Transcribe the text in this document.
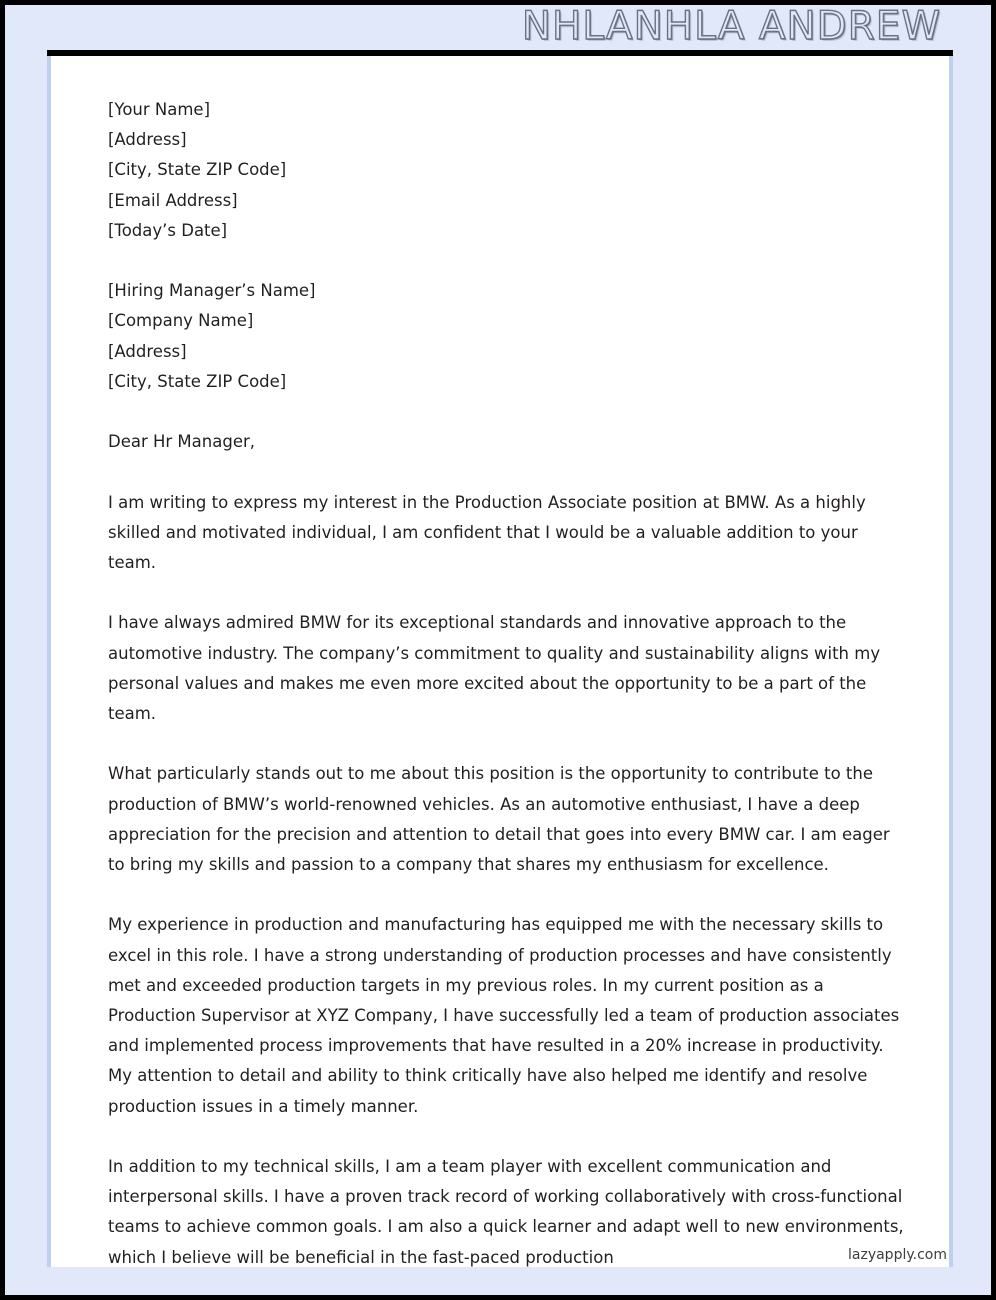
NHLANHLA ANDREW
[Your Name]
[Address]
[City, State ZIP Code]
[Email Address]
[Today’s Date]
[Hiring Manager’s Name]
[Company Name]
[Address]
[City, State ZIP Code]

Dear Hr Manager,

I am writing to express my interest in the Production Associate position at BMW. As a highly skilled and motivated individual, I am confident that I would be a valuable addition to your team.

I have always admired BMW for its exceptional standards and innovative approach to the automotive industry. The company’s commitment to quality and sustainability aligns with my personal values and makes me even more excited about the opportunity to be a part of the team.

What particularly stands out to me about this position is the opportunity to contribute to the production of BMW’s world-renowned vehicles. As an automotive enthusiast, I have a deep appreciation for the precision and attention to detail that goes into every BMW car. I am eager to bring my skills and passion to a company that shares my enthusiasm for excellence.

My experience in production and manufacturing has equipped me with the necessary skills to excel in this role. I have a strong understanding of production processes and have consistently met and exceeded production targets in my previous roles. In my current position as a Production Supervisor at XYZ Company, I have successfully led a team of production associates and implemented process improvements that have resulted in a 20% increase in productivity. My attention to detail and ability to think critically have also helped me identify and resolve production issues in a timely manner.

In addition to my technical skills, I am a team player with excellent communication and interpersonal skills. I have a proven track record of working collaboratively with cross-functional teams to achieve common goals. I am also a quick learner and adapt well to new environments, which I believe will be beneficial in the fast-paced production	lazyapply.com
